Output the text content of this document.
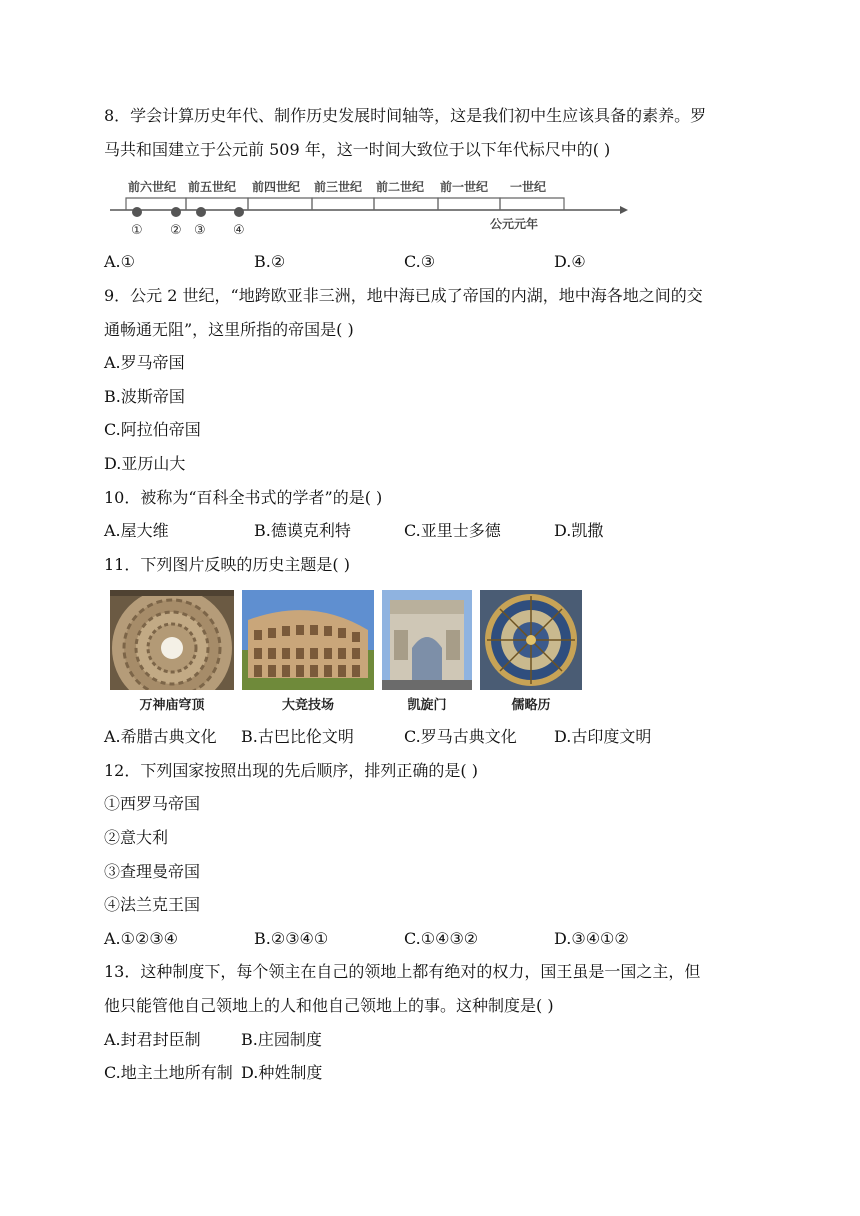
8．学会计算历史年代、制作历史发展时间轴等，这是我们初中生应该具备的素养。罗
马共和国建立于公元前 509 年，这一时间大致位于以下年代标尺中的( )
前六世纪 前五世纪 前四世纪 前三世纪 前二世纪 前一世纪 一世纪
① ② ③ ④	公元元年
A.①	B.②	C.③	D.④
9．公元 2 世纪，“地跨欧亚非三洲，地中海已成了帝国的内湖，地中海各地之间的交
通畅通无阻”，这里所指的帝国是( )
A.罗马帝国
B.波斯帝国
C.阿拉伯帝国
D.亚历山大
10．被称为“百科全书式的学者”的是( )
A.屋大维	B.德谟克利特	C.亚里士多德	D.凯撒
11．下列图片反映的历史主题是( )
万神庙穹顶	大竞技场	凯旋门	儒略历
A.希腊古典文化 B.古巴比伦文明	C.罗马古典文化 D.古印度文明
12．下列国家按照出现的先后顺序，排列正确的是( )
①西罗马帝国
②意大利
③查理曼帝国
④法兰克王国
A.①②③④	B.②③④①	C.①④③②	D.③④①②
13．这种制度下，每个领主在自己的领地上都有绝对的权力，国王虽是一国之主，但
他只能管他自己领地上的人和他自己领地上的事。这种制度是( )
A.封君封臣制	B.庄园制度
C.地主土地所有制 D.种姓制度
